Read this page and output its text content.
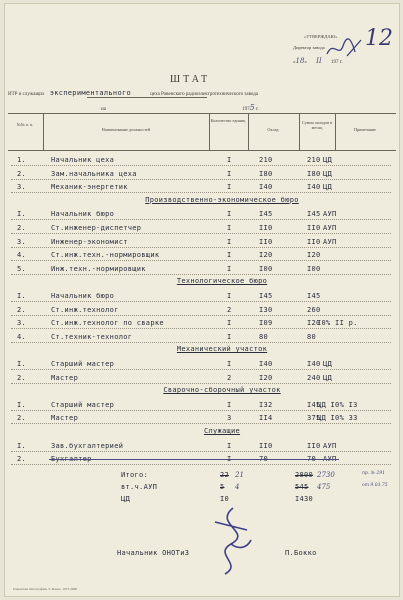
«УТВЕРЖДАЮ»
Директор завода 12
«18» II 197 г.
ШТАТ
ИТР и служащих экспериментального	цеха Ровенского радиоэлектротехнического завода
на	1975 г.
№№ п. п.
Наименование должностей
Количество единиц
Оклад
Сумма окладов в месяц	Примечание
Начальник ОНОТиЗ	П.Бокко
Ровенская типография, 3. Ровно, 1973 2000
1.	Начальник цеха	I	210	210 ЦД
2.	Зам.начальника цеха	I	I80	I80 ЦД
3.	Механик-энергетик	I	I40	I40 ЦД
Производственно-экономическое бюро
I.	Начальник бюро	I	I45	I45 АУП
2.	Ст.инженер-диспетчер	I	II0	II0 АУП
3.	Инженер-экономист	I	II0	II0 АУП
4.	Ст.инж.техн.-нормировщик	I	I20	I20
5.	Инж.техн.-нормировщик	I	I00	I00
Технологическое бюро
I.	Начальник бюро	I	I45	I45
2.	Ст.инж.технолог	2	I30	260
3.	Ст.инж.технолог по сварке	I	I09	I20
I0% II р.
4.	Ст.техник-технолог	I	80	80
Механический участок
I.	Старший мастер	I	I40	I40 ЦД
2.	Мастер	2	I20	240 ЦД
Сварочно-сборочный участок
I.	Старший мастер	I	I32	I45
ЦД I0% I3
2.	Мастер	3	II4	375
ЦД I0% 33
Служащие
I.	Зав.бухгалтерией	I	II0	II0 АУП
2.	Бухгалтер	I	70	70 АУП
Итого:	22 21	2800 2730	пр. № 291
вт.ч.АУП	5 4	545 475	от 9.03.75
ЦД	I0	I430
